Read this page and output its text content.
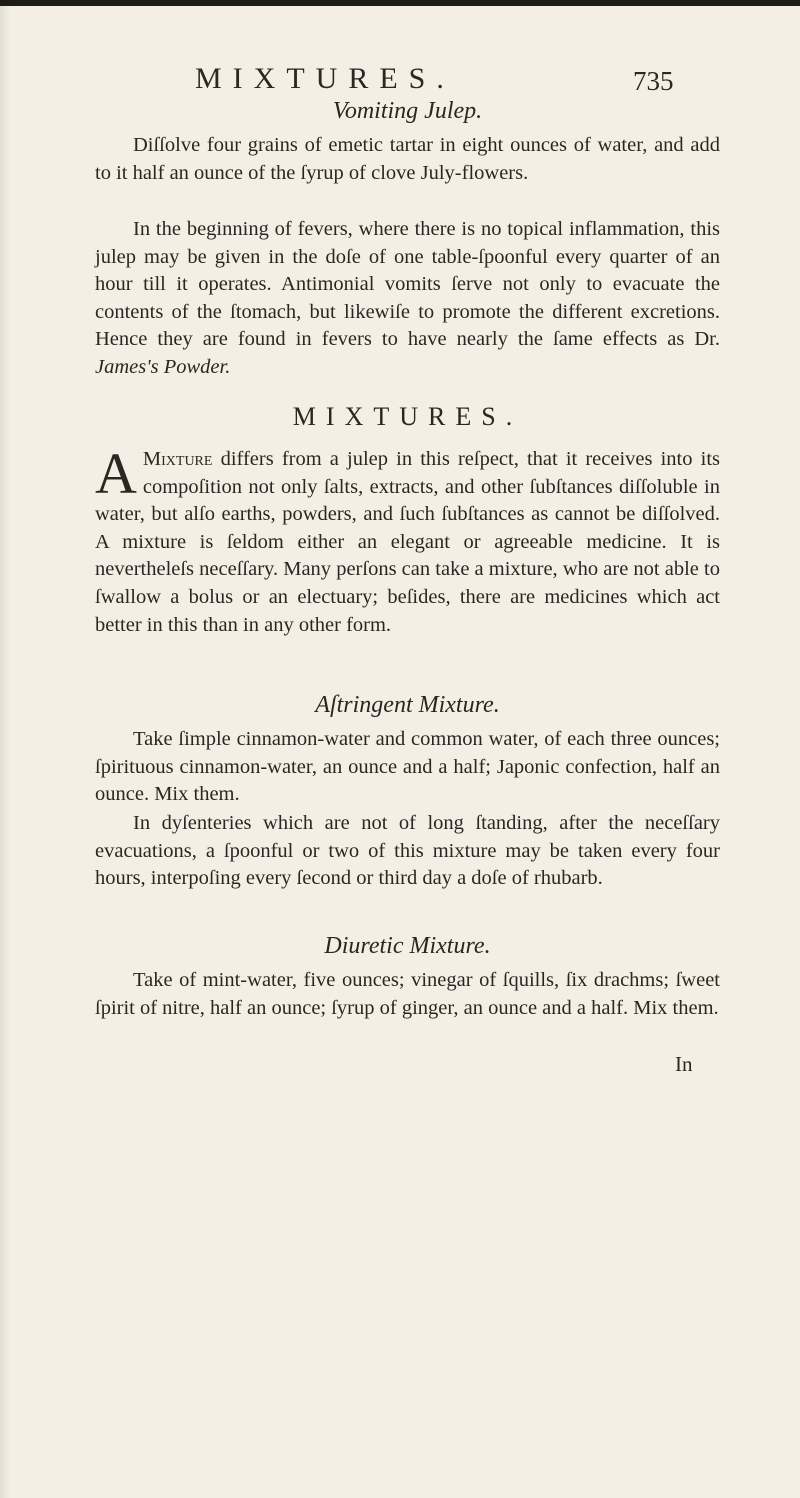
MIXTURES.	735
Vomiting Julep.

Diſſolve four grains of emetic tartar in eight ounces of water, and add to it half an ounce of the ſyrup of clove July-flowers.

In the beginning of fevers, where there is no topical inflammation, this julep may be given in the doſe of one table-ſpoonful every quarter of an hour till it operates. Antimonial vomits ſerve not only to evacuate the contents of the ſtomach, but likewiſe to promote the different excretions. Hence they are found in fevers to have nearly the ſame effects as Dr. James's Powder.

MIXTURES.

A Mixture differs from a julep in this reſpect, that it receives into its compoſition not only ſalts, extracts, and other ſubſtances diſſoluble in water, but alſo earths, powders, and ſuch ſubſtances as cannot be diſſolved. A mixture is ſeldom either an elegant or agreeable medicine. It is nevertheleſs neceſſary. Many perſons can take a mixture, who are not able to ſwallow a bolus or an electuary; beſides, there are medicines which act better in this than in any other form.

Aſtringent Mixture.

Take ſimple cinnamon-water and common water, of each three ounces; ſpirituous cinnamon-water, an ounce and a half; Japonic confection, half an ounce. Mix them.

In dyſenteries which are not of long ſtanding, after the neceſſary evacuations, a ſpoonful or two of this mixture may be taken every four hours, interpoſing every ſecond or third day a doſe of rhubarb.

Diuretic Mixture.

Take of mint-water, five ounces; vinegar of ſquills, ſix drachms; ſweet ſpirit of nitre, half an ounce; ſyrup of ginger, an ounce and a half. Mix them.

In
